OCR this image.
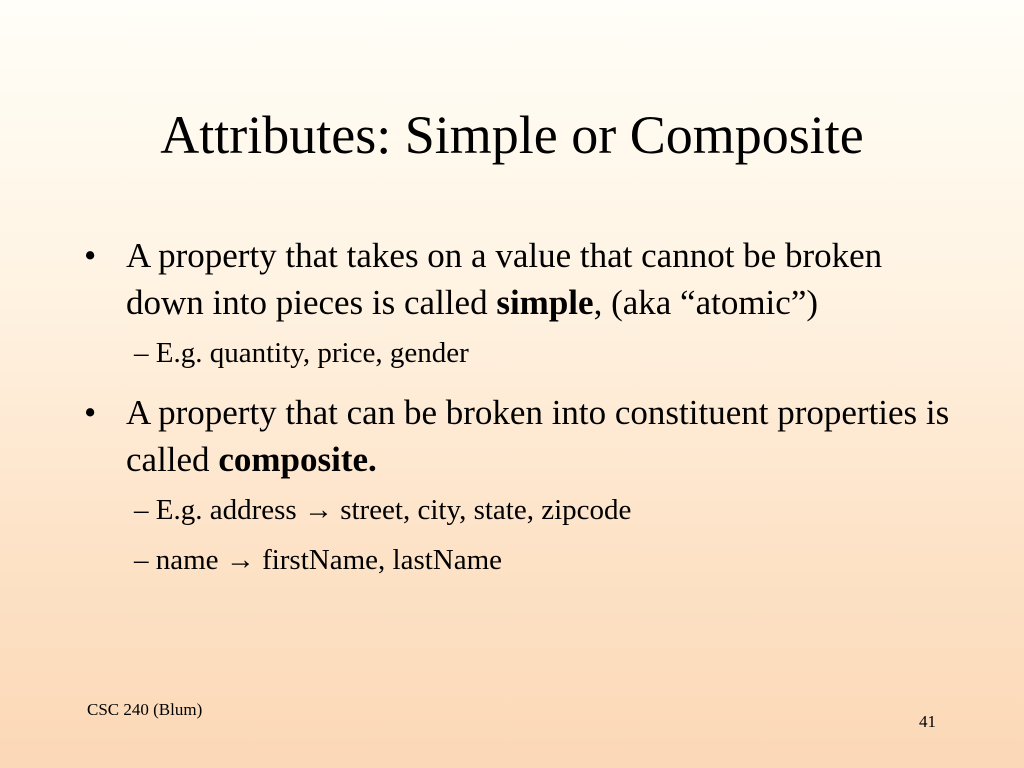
Attributes: Simple or Composite
• A property that takes on a value that cannot be broken down into pieces is called simple, (aka “atomic”)
– E.g. quantity, price, gender
• A property that can be broken into constituent properties is called composite.
– E.g. address → street, city, state, zipcode
– name → firstName, lastName
CSC 240 (Blum)
41
